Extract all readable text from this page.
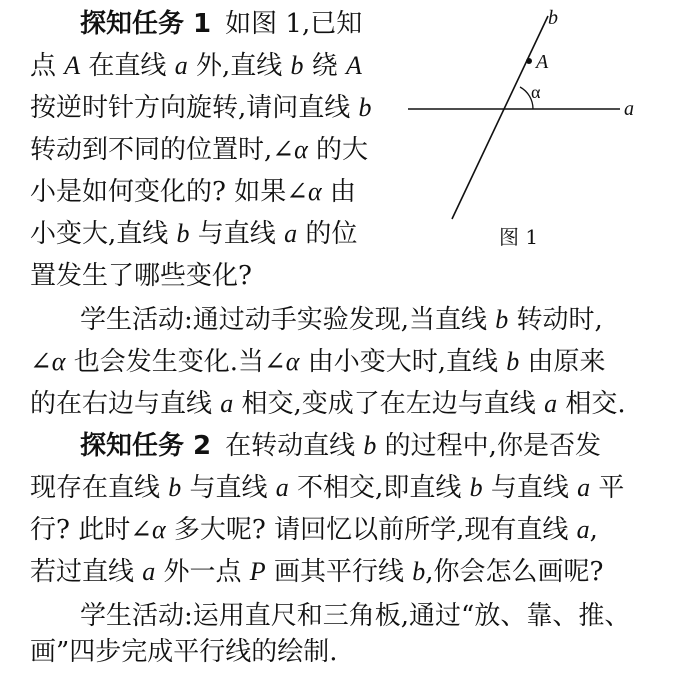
探知任务 1 如图 1,已知
点 A 在直线 a 外,直线 b 绕 A
按逆时针方向旋转,请问直线 b
转动到不同的位置时,∠α 的大
小是如何变化的? 如果∠α 由
小变大,直线 b 与直线 a 的位
置发生了哪些变化?
学生活动:通过动手实验发现,当直线 b 转动时,
∠α 也会发生变化.当∠α 由小变大时,直线 b 由原来
的在右边与直线 a 相交,变成了在左边与直线 a 相交.
探知任务 2 在转动直线 b 的过程中,你是否发
现存在直线 b 与直线 a 不相交,即直线 b 与直线 a 平
行? 此时∠α 多大呢? 请回忆以前所学,现有直线 a,
若过直线 a 外一点 P 画其平行线 b,你会怎么画呢?
学生活动:运用直尺和三角板,通过“放、靠、推、
画”四步完成平行线的绘制.
b
A
α
a
图 1
